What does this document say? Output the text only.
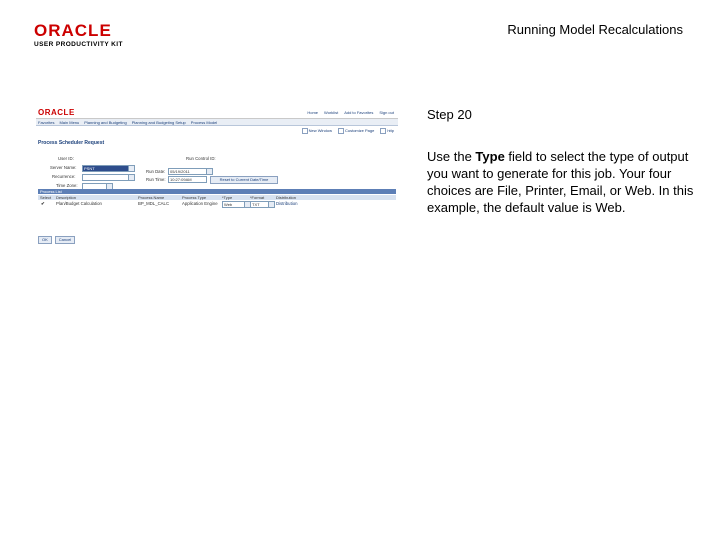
ORACLE
USER PRODUCTIVITY KIT
Running Model Recalculations
ORACLE	Home Worklist Add to Favorites Sign out
Favorites Main Menu Planning and Budgeting Planning and Budgeting Setup Process Model
New Window	Customize Page	http
Process Scheduler Request
User ID:
Server Name:	PSNT
Recurrence:
Time Zone:
Run Control ID:
Run Date:	05/19/2011
Run Time:	10:27:09AM	Reset to Current Date/Time
Process List
Select Description	Process Name	Process Type	*Type	*Format	Distribution
✔	Plan/Budget Calculation	BP_MDL_CALC	Application Engine	Web	TXT	Distribution
OK	Cancel
Step 20
Use the Type field to select the type of output you want to generate for this job. Your four choices are File, Printer, Email, or Web. In this example, the default value is Web.
